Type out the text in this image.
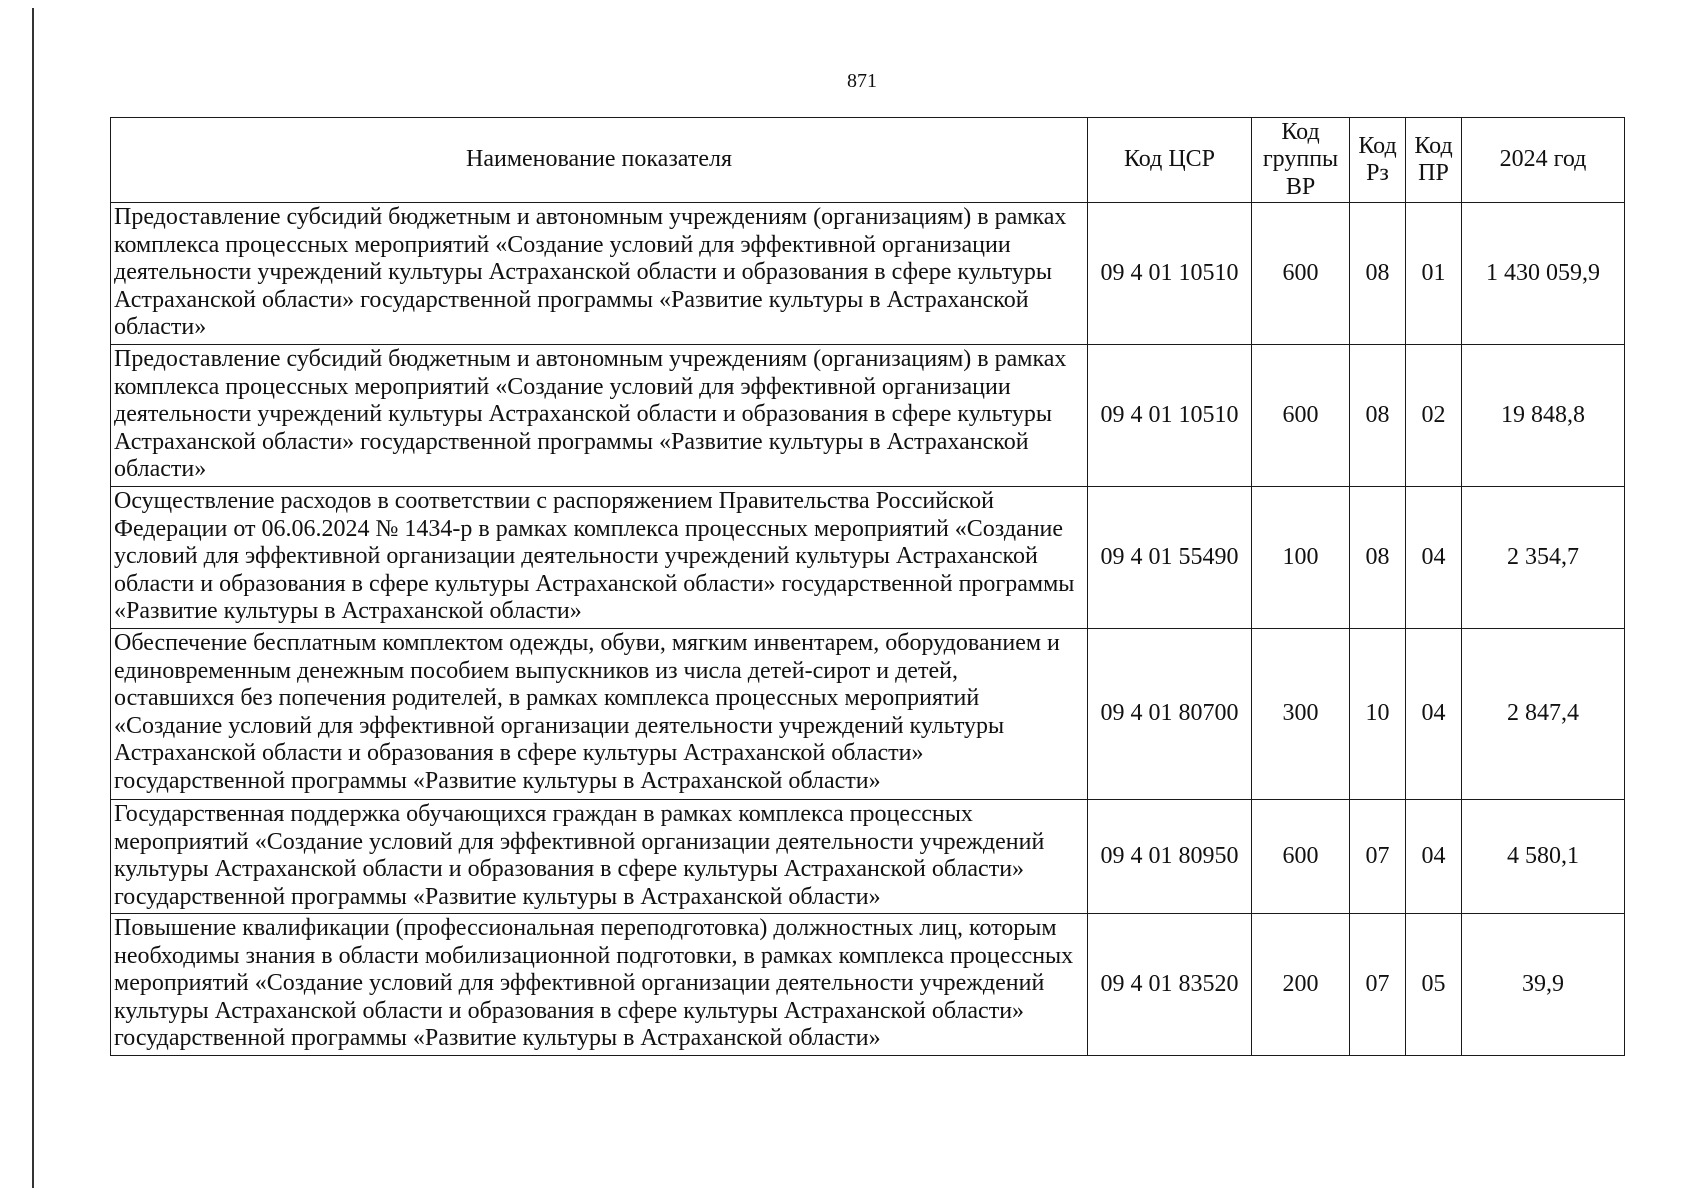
871
Наименование показателя	Код ЦСР	Код группы ВР	Код Рз	Код ПР	2024 год
Предоставление субсидий бюджетным и автономным учреждениям (организациям) в рамках комплекса процессных мероприятий «Создание условий для эффективной организации деятельности учреждений культуры Астраханской области и образования в сфере культуры Астраханской области» государственной программы «Развитие культуры в Астраханской области»	09 4 01 10510	600	08	01	1 430 059,9
Предоставление субсидий бюджетным и автономным учреждениям (организациям) в рамках комплекса процессных мероприятий «Создание условий для эффективной организации деятельности учреждений культуры Астраханской области и образования в сфере культуры Астраханской области» государственной программы «Развитие культуры в Астраханской области»	09 4 01 10510	600	08	02	19 848,8
Осуществление расходов в соответствии с распоряжением Правительства Российской Федерации от 06.06.2024 № 1434-р в рамках комплекса процессных мероприятий «Создание условий для эффективной организации деятельности учреждений культуры Астраханской области и образования в сфере культуры Астраханской области» государственной программы «Развитие культуры в Астраханской области»	09 4 01 55490	100	08	04	2 354,7
Обеспечение бесплатным комплектом одежды, обуви, мягким инвентарем, оборудованием и единовременным денежным пособием выпускников из числа детей-сирот и детей, оставшихся без попечения родителей, в рамках комплекса процессных мероприятий «Создание условий для эффективной организации деятельности учреждений культуры Астраханской области и образования в сфере культуры Астраханской области» государственной программы «Развитие культуры в Астраханской области»	09 4 01 80700	300	10	04	2 847,4
Государственная поддержка обучающихся граждан в рамках комплекса процессных мероприятий «Создание условий для эффективной организации деятельности учреждений культуры Астраханской области и образования в сфере культуры Астраханской области» государственной программы «Развитие культуры в Астраханской области»	09 4 01 80950	600	07	04	4 580,1
Повышение квалификации (профессиональная переподготовка) должностных лиц, которым необходимы знания в области мобилизационной подготовки, в рамках комплекса процессных мероприятий «Создание условий для эффективной организации деятельности учреждений культуры Астраханской области и образования в сфере культуры Астраханской области» государственной программы «Развитие культуры в Астраханской области»	09 4 01 83520	200	07	05	39,9
